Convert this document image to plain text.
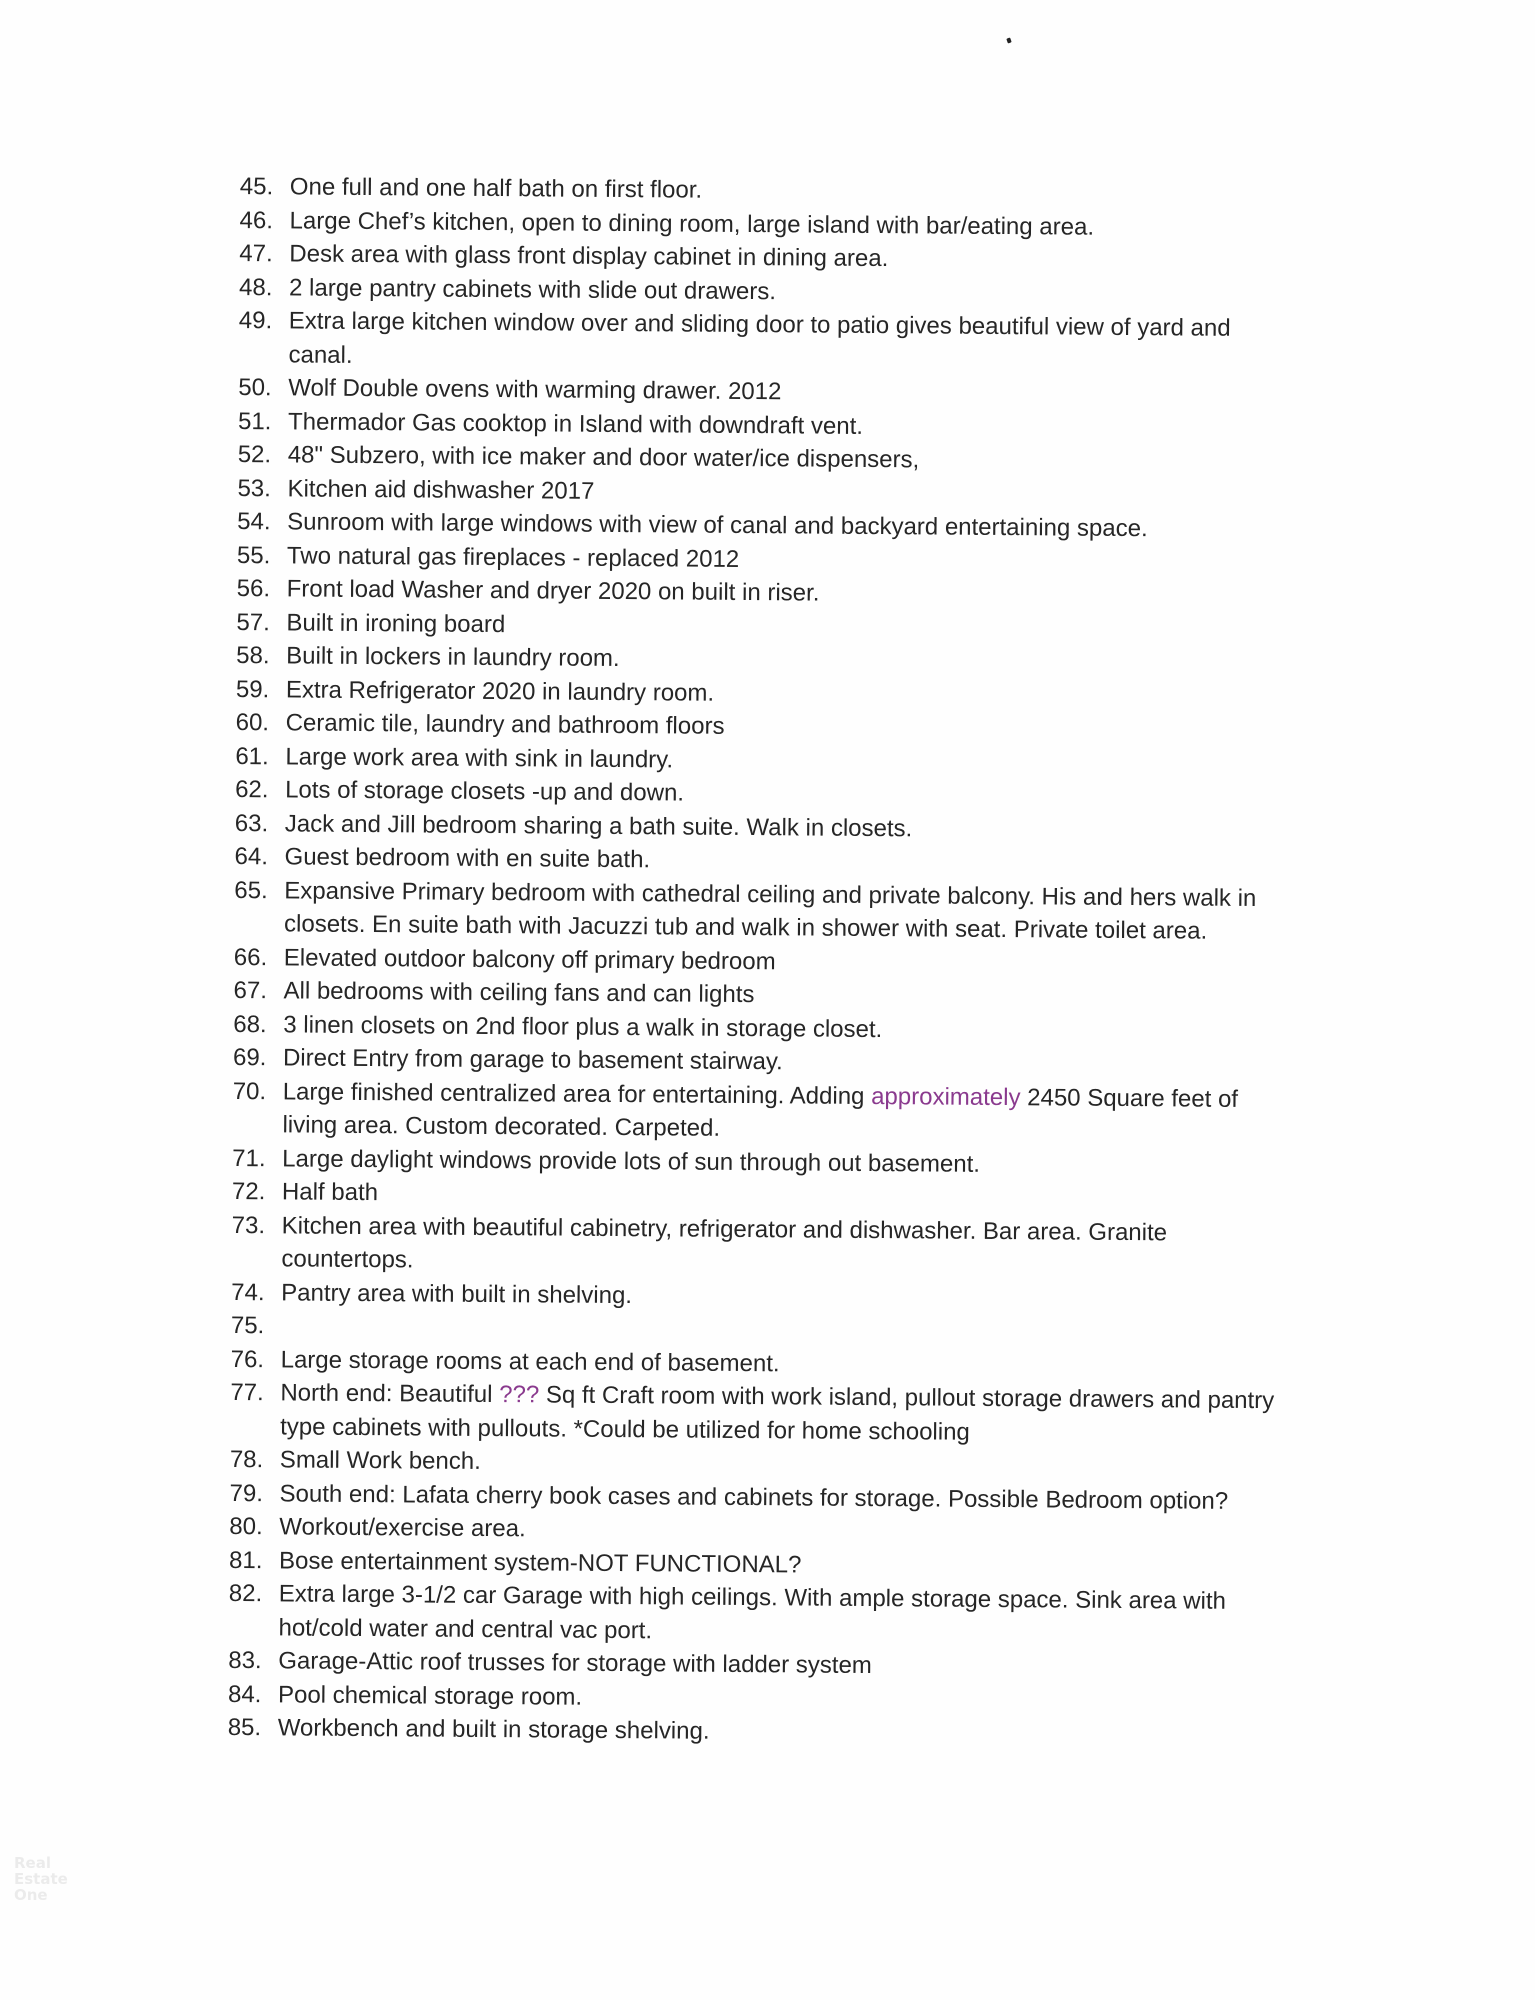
45. One full and one half bath on first floor.
46. Large Chef’s kitchen, open to dining room, large island with bar/eating area.
47. Desk area with glass front display cabinet in dining area.
48. 2 large pantry cabinets with slide out drawers.
49. Extra large kitchen window over and sliding door to patio gives beautiful view of yard and
canal.
50. Wolf Double ovens with warming drawer. 2012
51. Thermador Gas cooktop in Island with downdraft vent.
52. 48" Subzero, with ice maker and door water/ice dispensers,
53. Kitchen aid dishwasher 2017
54. Sunroom with large windows with view of canal and backyard entertaining space.
55. Two natural gas fireplaces - replaced 2012
56. Front load Washer and dryer 2020 on built in riser.
57. Built in ironing board
58. Built in lockers in laundry room.
59. Extra Refrigerator 2020 in laundry room.
60. Ceramic tile, laundry and bathroom floors
61. Large work area with sink in laundry.
62. Lots of storage closets -up and down.
63. Jack and Jill bedroom sharing a bath suite. Walk in closets.
64. Guest bedroom with en suite bath.
65. Expansive Primary bedroom with cathedral ceiling and private balcony. His and hers walk in
closets. En suite bath with Jacuzzi tub and walk in shower with seat. Private toilet area.
66. Elevated outdoor balcony off primary bedroom
67. All bedrooms with ceiling fans and can lights
68. 3 linen closets on 2nd floor plus a walk in storage closet.
69. Direct Entry from garage to basement stairway.
70. Large finished centralized area for entertaining. Adding approximately 2450 Square feet of
living area. Custom decorated. Carpeted.
71. Large daylight windows provide lots of sun through out basement.
72. Half bath
73. Kitchen area with beautiful cabinetry, refrigerator and dishwasher. Bar area. Granite
countertops.
74. Pantry area with built in shelving.
75.

76. Large storage rooms at each end of basement.
77. North end: Beautiful ??? Sq ft Craft room with work island, pullout storage drawers and pantry
type cabinets with pullouts. *Could be utilized for home schooling
78. Small Work bench.
79. South end: Lafata cherry book cases and cabinets for storage. Possible Bedroom option?
80. Workout/exercise area.
81. Bose entertainment system-NOT FUNCTIONAL?
82. Extra large 3-1/2 car Garage with high ceilings. With ample storage space. Sink area with
hot/cold water and central vac port.
83. Garage-Attic roof trusses for storage with ladder system
84. Pool chemical storage room.
85. Workbench and built in storage shelving.
Real
Estate
One
